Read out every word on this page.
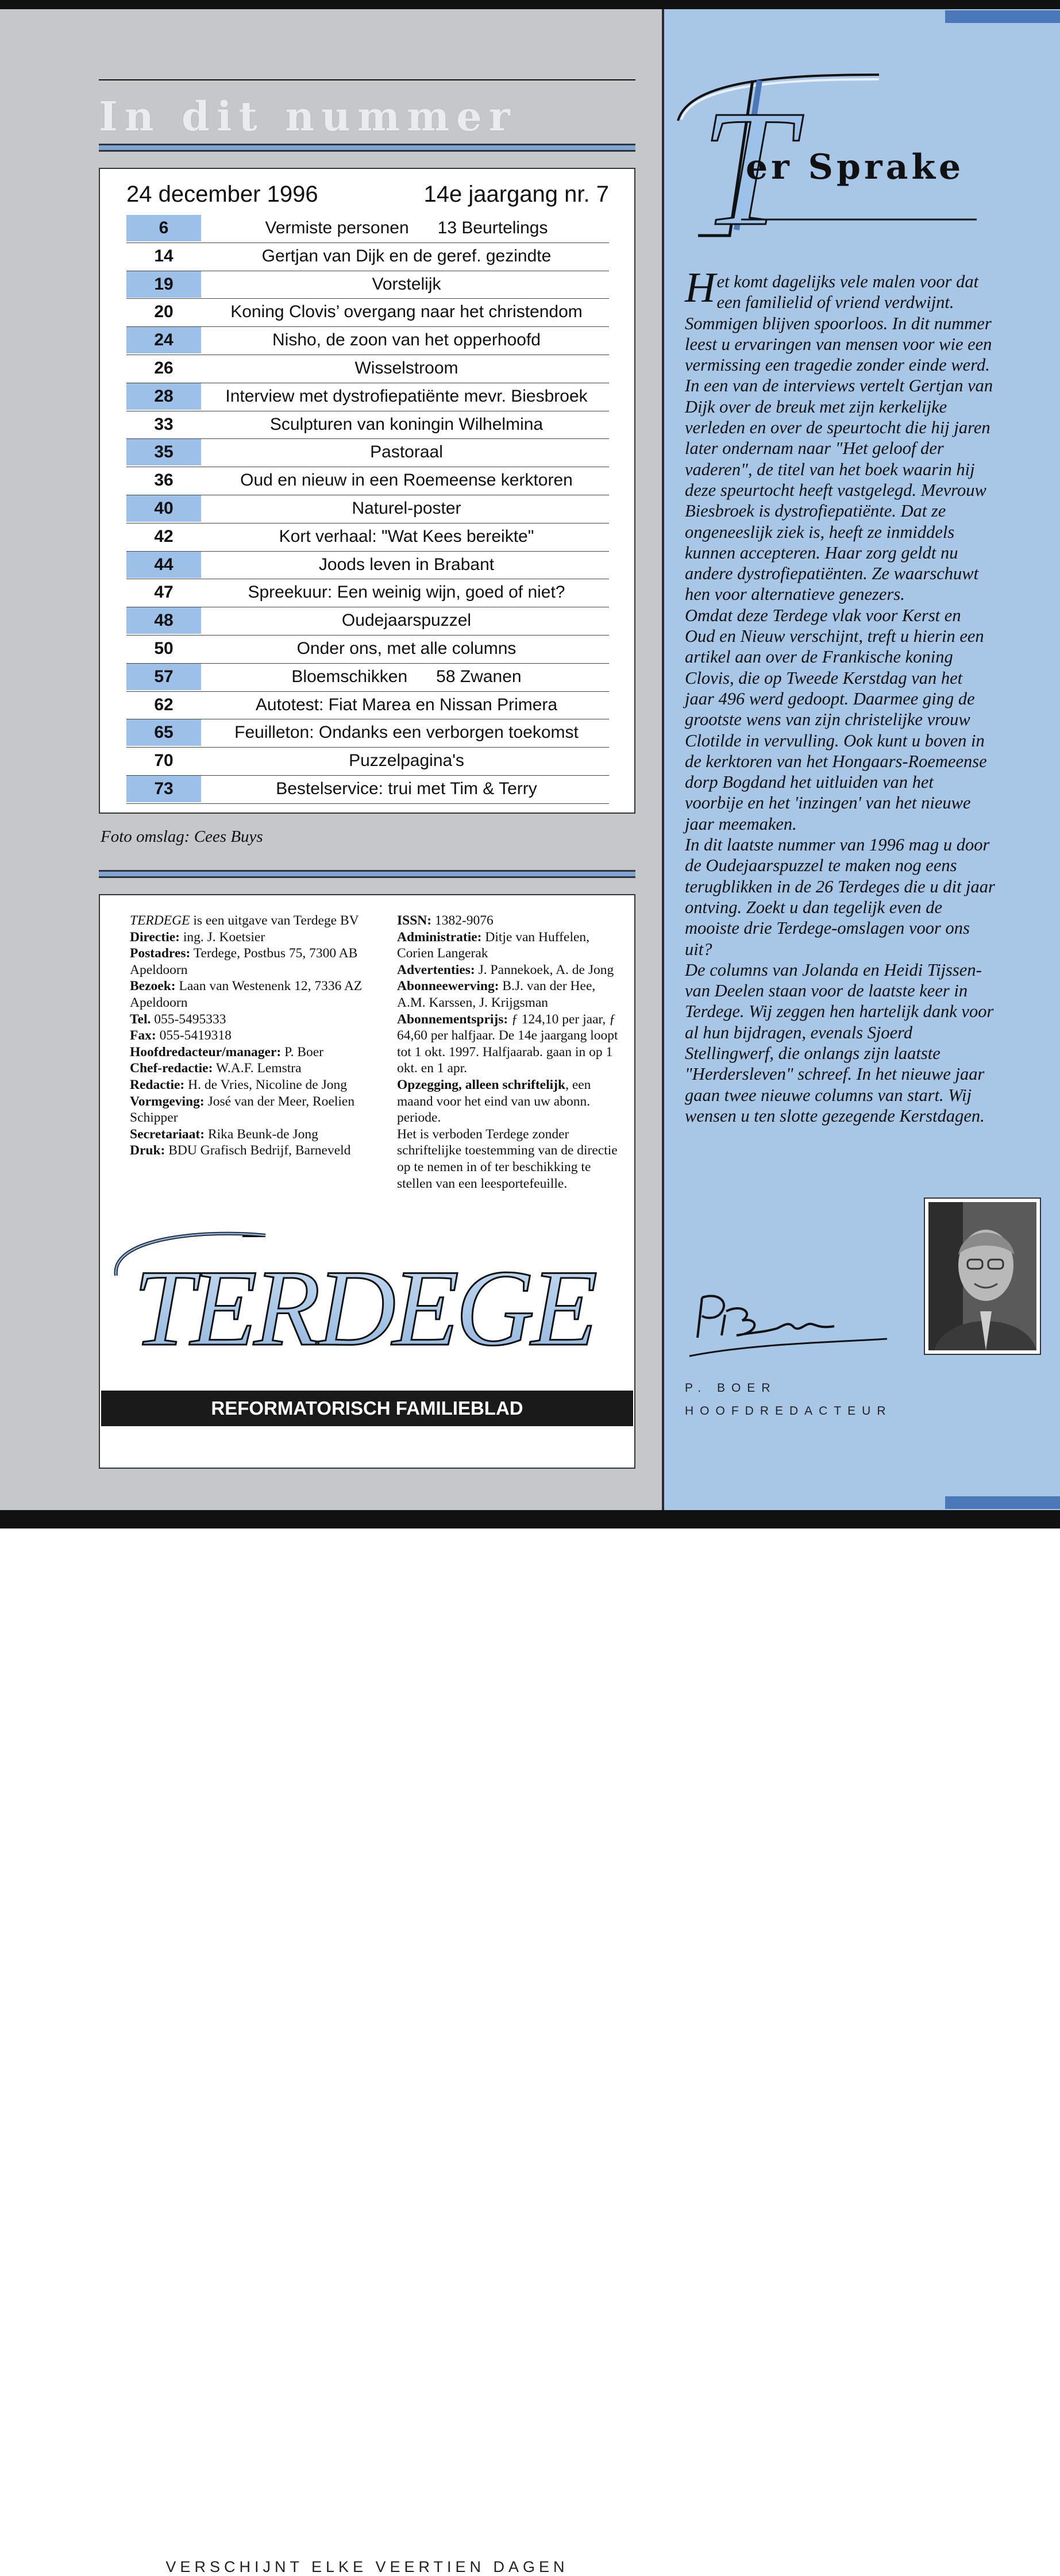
In dit nummer
24 december 1996	14e jaargang nr. 7
6	Vermiste personen      13 Beurtelings
14	Gertjan van Dijk en de geref. gezindte
19	Vorstelijk
20	Koning Clovis’ overgang naar het christendom
24	Nisho, de zoon van het opperhoofd
26	Wisselstroom
28	Interview met dystrofiepatiënte mevr. Biesbroek
33	Sculpturen van koningin Wilhelmina
35	Pastoraal
36	Oud en nieuw in een Roemeense kerktoren
40	Naturel-poster
42	Kort verhaal: "Wat Kees bereikte"
44	Joods leven in Brabant
47	Spreekuur: Een weinig wijn, goed of niet?
48	Oudejaarspuzzel
50	Onder ons, met alle columns
57	Bloemschikken      58 Zwanen
62	Autotest: Fiat Marea en Nissan Primera
65	Feuilleton: Ondanks een verborgen toekomst
70	Puzzelpagina's
73	Bestelservice: trui met Tim & Terry
Foto omslag: Cees Buys

TERDEGE is een uitgave van Terdege BV

Directie: ing. J. Koetsier

Postadres: Terdege, Postbus 75, 7300 AB Apeldoorn

Bezoek: Laan van Westenenk 12, 7336 AZ Apeldoorn

Tel. 055-5495333

Fax: 055-5419318

Hoofdredacteur/manager: P. Boer

Chef-redactie: W.A.F. Lemstra

Redactie: H. de Vries, Nicoline de Jong

Vormgeving: José van der Meer, Roelien Schipper

Secretariaat: Rika Beunk-de Jong

Druk: BDU Grafisch Bedrijf, Barneveld

ISSN: 1382-9076

Administratie: Ditje van Huffelen, Corien Langerak

Advertenties: J. Pannekoek, A. de Jong

Abonneewerving: B.J. van der Hee, A.M. Karssen, J. Krijgsman

Abonnementsprijs: ƒ 124,10 per jaar, ƒ 64,60 per halfjaar. De 14e jaargang loopt tot 1 okt. 1997. Halfjaarab. gaan in op 1 okt. en 1 apr.

Opzegging, alleen schriftelijk, een maand voor het eind van uw abonn. periode.

Het is verboden Terdege zonder schriftelijke toestemming van de directie op te nemen in of ter beschikking te stellen van een leesportefeuille.

TERDEGE
VERSCHIJNT ELKE VEERTIEN DAGEN
REFORMATORISCH FAMILIEBLAD
T
er Sprake

Het komt dagelijks vele malen voor dat een familielid of vriend verdwijnt. Sommigen blijven spoorloos. In dit nummer leest u ervaringen van mensen voor wie een vermissing een tragedie zonder einde werd.

In een van de interviews vertelt Gertjan van Dijk over de breuk met zijn kerkelijke verleden en over de speurtocht die hij jaren later ondernam naar "Het geloof der vaderen", de titel van het boek waarin hij deze speurtocht heeft vastgelegd. Mevrouw Biesbroek is dystrofiepatiënte. Dat ze ongeneeslijk ziek is, heeft ze inmiddels kunnen accepteren. Haar zorg geldt nu andere dystrofiepatiënten. Ze waarschuwt hen voor alternatieve genezers.

Omdat deze Terdege vlak voor Kerst en Oud en Nieuw verschijnt, treft u hierin een artikel aan over de Frankische koning Clovis, die op Tweede Kerstdag van het jaar 496 werd gedoopt. Daarmee ging de grootste wens van zijn christelijke vrouw Clotilde in vervulling. Ook kunt u boven in de kerktoren van het Hongaars-Roemeense dorp Bogdand het uitluiden van het voorbije en het 'inzingen' van het nieuwe jaar meemaken.

In dit laatste nummer van 1996 mag u door de Oudejaarspuzzel te maken nog eens terugblikken in de 26 Terdeges die u dit jaar ontving. Zoekt u dan tegelijk even de mooiste drie Terdege-omslagen voor ons uit?

De columns van Jolanda en Heidi Tijssen-van Deelen staan voor de laatste keer in Terdege. Wij zeggen hen hartelijk dank voor al hun bijdragen, evenals Sjoerd Stellingwerf, die onlangs zijn laatste "Herdersleven" schreef. In het nieuwe jaar gaan twee nieuwe columns van start. Wij wensen u ten slotte gezegende Kerstdagen.

P.Boer
P. BOER
HOOFDREDACTEUR
